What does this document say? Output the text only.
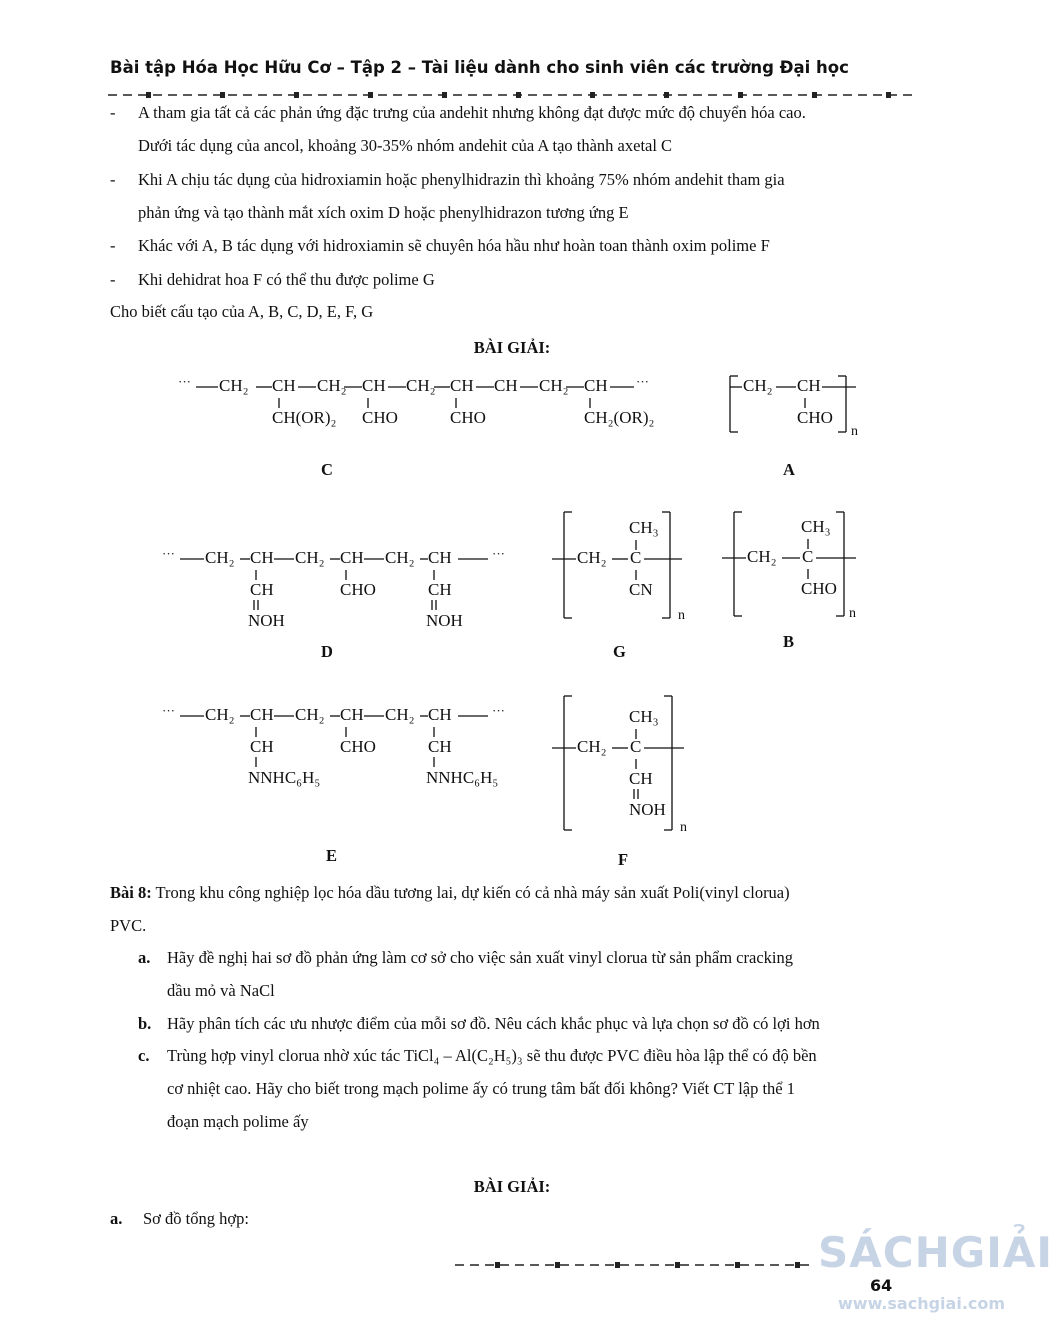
Bài tập Hóa Học Hữu Cơ – Tập 2 – Tài liệu dành cho sinh viên các trường Đại học
- A tham gia tất cả các phản ứng đặc trưng của andehit nhưng không đạt được mức độ chuyển hóa cao.
Dưới tác dụng của ancol, khoảng 30-35% nhóm andehit của A tạo thành axetal C
- Khi A chịu tác dụng của hidroxiamin hoặc phenylhidrazin thì khoảng 75% nhóm andehit tham gia
phản ứng và tạo thành mắt xích oxim D hoặc phenylhidrazon tương ứng E
- Khác với A, B tác dụng với hidroxiamin sẽ chuyên hóa hầu như hoàn toan thành oxim polime F
- Khi dehidrat hoa F có thể thu được polime G
Cho biết cấu tạo của A, B, C, D, E, F, G
BÀI GIẢI:
··· CH₂ CH CH₂ CH CH₂ CH CH CH₂ CH ···
CH(OR)₂ CHO	CHO	CH₂(OR)₂
C
CH₂ CH
CHO
n
A
··· CH₂ CH CH₂ CH CH₂ CH	···
CH	CHO	CH
NOH	NOH
D
CH₃
CH₂ C
CN
n
G
CH₃
CH₂ C
CHO
n
B
··· CH₂ CH CH₂ CH CH₂ CH	···
CH	CHO	CH
NNHC₆H₅	NNHC₆H₅
E
CH₃
CH₂ C
CH
NOH
n
F
Bài 8: Trong khu công nghiệp lọc hóa dầu tương lai, dự kiến có cả nhà máy sản xuất Poli(vinyl clorua)
PVC.
a. Hãy đề nghị hai sơ đồ phản ứng làm cơ sở cho việc sản xuất vinyl clorua từ sản phẩm cracking
dầu mỏ và NaCl
b. Hãy phân tích các ưu nhược điểm của mỗi sơ đồ. Nêu cách khắc phục và lựa chọn sơ đồ có lợi hơn
c. Trùng hợp vinyl clorua nhờ xúc tác TiCl₄ – Al(C₂H₅)₃ sẽ thu được PVC điều hòa lập thể có độ bền
cơ nhiệt cao. Hãy cho biết trong mạch polime ấy có trung tâm bất đối không? Viết CT lập thể 1
đoạn mạch polime ấy
BÀI GIẢI:
a. Sơ đồ tổng hợp:
SÁCHGIẢI
64
www.sachgiai.com
